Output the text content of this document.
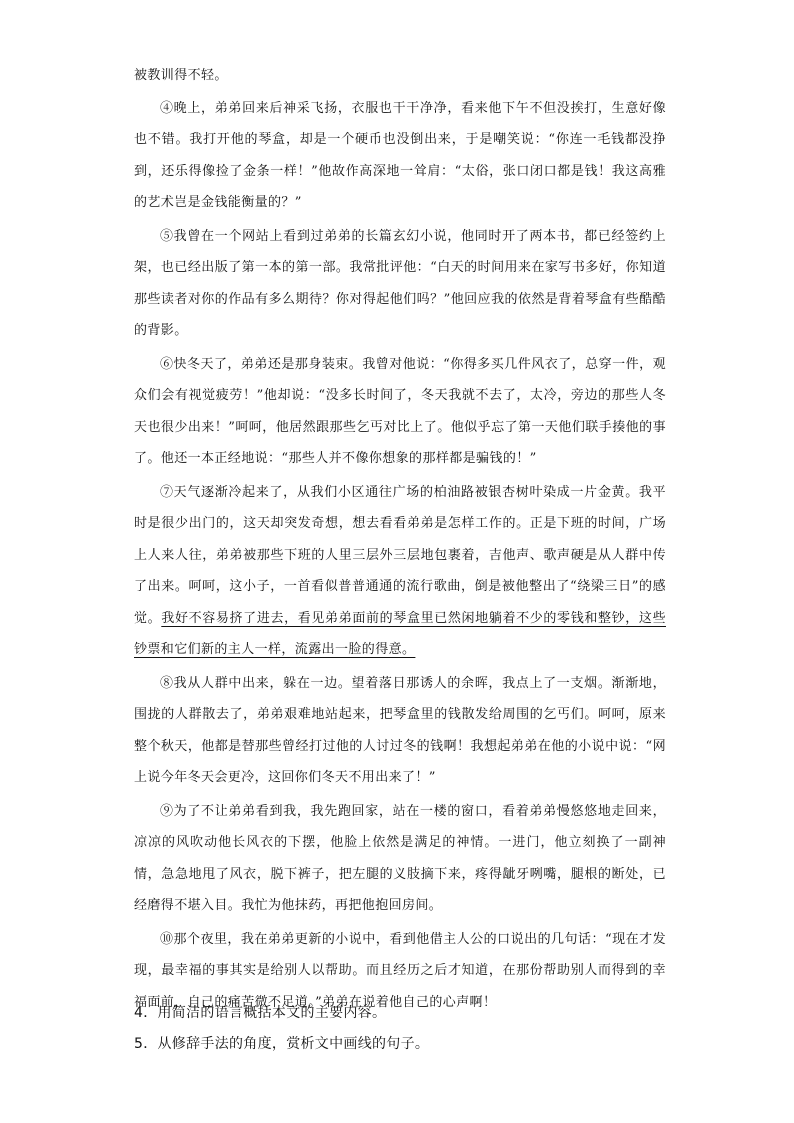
被教训得不轻。

④晚上，弟弟回来后神采飞扬，衣服也干干净净，看来他下午不但没挨打，生意好像也不错。我打开他的琴盒，却是一个硬币也没倒出来，于是嘲笑说：“你连一毛钱都没挣到，还乐得像捡了金条一样！”他故作高深地一耸肩：“太俗，张口闭口都是钱！我这高雅的艺术岂是金钱能衡量的？”

⑤我曾在一个网站上看到过弟弟的长篇玄幻小说，他同时开了两本书，都已经签约上架，也已经出版了第一本的第一部。我常批评他：“白天的时间用来在家写书多好，你知道那些读者对你的作品有多么期待？你对得起他们吗？”他回应我的依然是背着琴盒有些酷酷的背影。

⑥快冬天了，弟弟还是那身装束。我曾对他说：“你得多买几件风衣了，总穿一件，观众们会有视觉疲劳！”他却说：“没多长时间了，冬天我就不去了，太冷，旁边的那些人冬天也很少出来！”呵呵，他居然跟那些乞丐对比上了。他似乎忘了第一天他们联手揍他的事了。他还一本正经地说：“那些人并不像你想象的那样都是骗钱的！”

⑦天气逐渐冷起来了，从我们小区通往广场的柏油路被银杏树叶染成一片金黄。我平时是很少出门的，这天却突发奇想，想去看看弟弟是怎样工作的。正是下班的时间，广场上人来人往，弟弟被那些下班的人里三层外三层地包裹着，吉他声、歌声硬是从人群中传了出来。呵呵，这小子，一首看似普普通通的流行歌曲，倒是被他整出了“绕梁三日”的感觉。我好不容易挤了进去，看见弟弟面前的琴盒里已然闲地躺着不少的零钱和整钞，这些钞票和它们新的主人一样，流露出一脸的得意。

⑧我从人群中出来，躲在一边。望着落日那诱人的余晖，我点上了一支烟。渐渐地，围拢的人群散去了，弟弟艰难地站起来，把琴盒里的钱散发给周围的乞丐们。呵呵，原来整个秋天，他都是替那些曾经打过他的人讨过冬的钱啊！我想起弟弟在他的小说中说：“网上说今年冬天会更冷，这回你们冬天不用出来了！”

⑨为了不让弟弟看到我，我先跑回家，站在一楼的窗口，看着弟弟慢悠悠地走回来，凉凉的风吹动他长风衣的下摆，他脸上依然是满足的神情。一进门，他立刻换了一副神情，急急地甩了风衣，脱下裤子，把左腿的义肢摘下来，疼得龇牙咧嘴，腿根的断处，已经磨得不堪入目。我忙为他抹药，再把他抱回房间。

⑩那个夜里，我在弟弟更新的小说中，看到他借主人公的口说出的几句话：“现在才发现，最幸福的事其实是给别人以帮助。而且经历之后才知道，在那份帮助别人而得到的幸福面前，自己的痛苦微不足道。”弟弟在说着他自己的心声啊！

4．用简洁的语言概括本文的主要内容。

5．从修辞手法的角度，赏析文中画线的句子。
